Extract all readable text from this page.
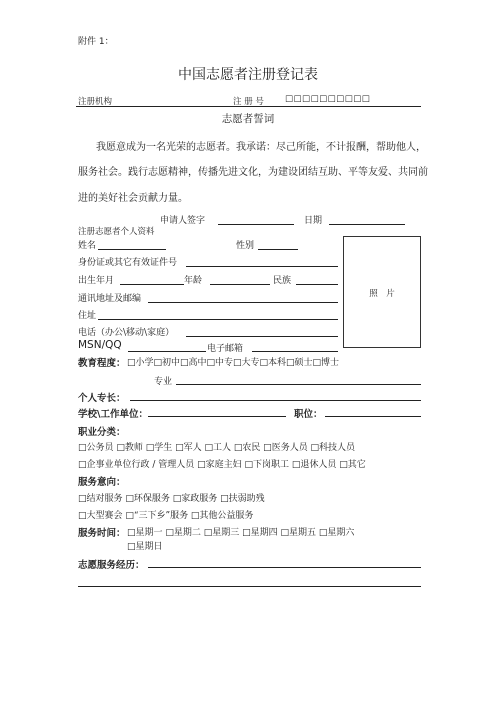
附件 1：
中国志愿者注册登记表
注册机构	注 册 号 □□□□□□□□□□
志愿者誓词
我愿意成为一名光荣的志愿者。我承诺：尽己所能，不计报酬，帮助他人，
服务社会。践行志愿精神，传播先进文化，为建设团结互助、平等友爱、共同前
进的美好社会贡献力量。
申请人签字	日期
注册志愿者个人资料
姓名	性别
身份证或其它有效证件号
出生年月	年龄	民族
通讯地址及邮编
住址
电话（办公\移动\家庭）
MSN/QQ	电子邮箱
照　片
教育程度： □小学□初中□高中□中专□大专□本科□硕士□博士
专业
个人专长：
学校\工作单位：	职位：
职业分类：
□公务员 □教师 □学生 □军人 □工人 □农民 □医务人员 □科技人员
□企事业单位行政 / 管理人员 □家庭主妇 □下岗职工 □退休人员 □其它
服务意向：
□结对服务 □环保服务 □家政服务 □扶弱助残
□大型赛会 □“三下乡”服务 □其他公益服务
服务时间： □星期一 □星期二 □星期三 □星期四 □星期五 □星期六
□星期日
志愿服务经历：
